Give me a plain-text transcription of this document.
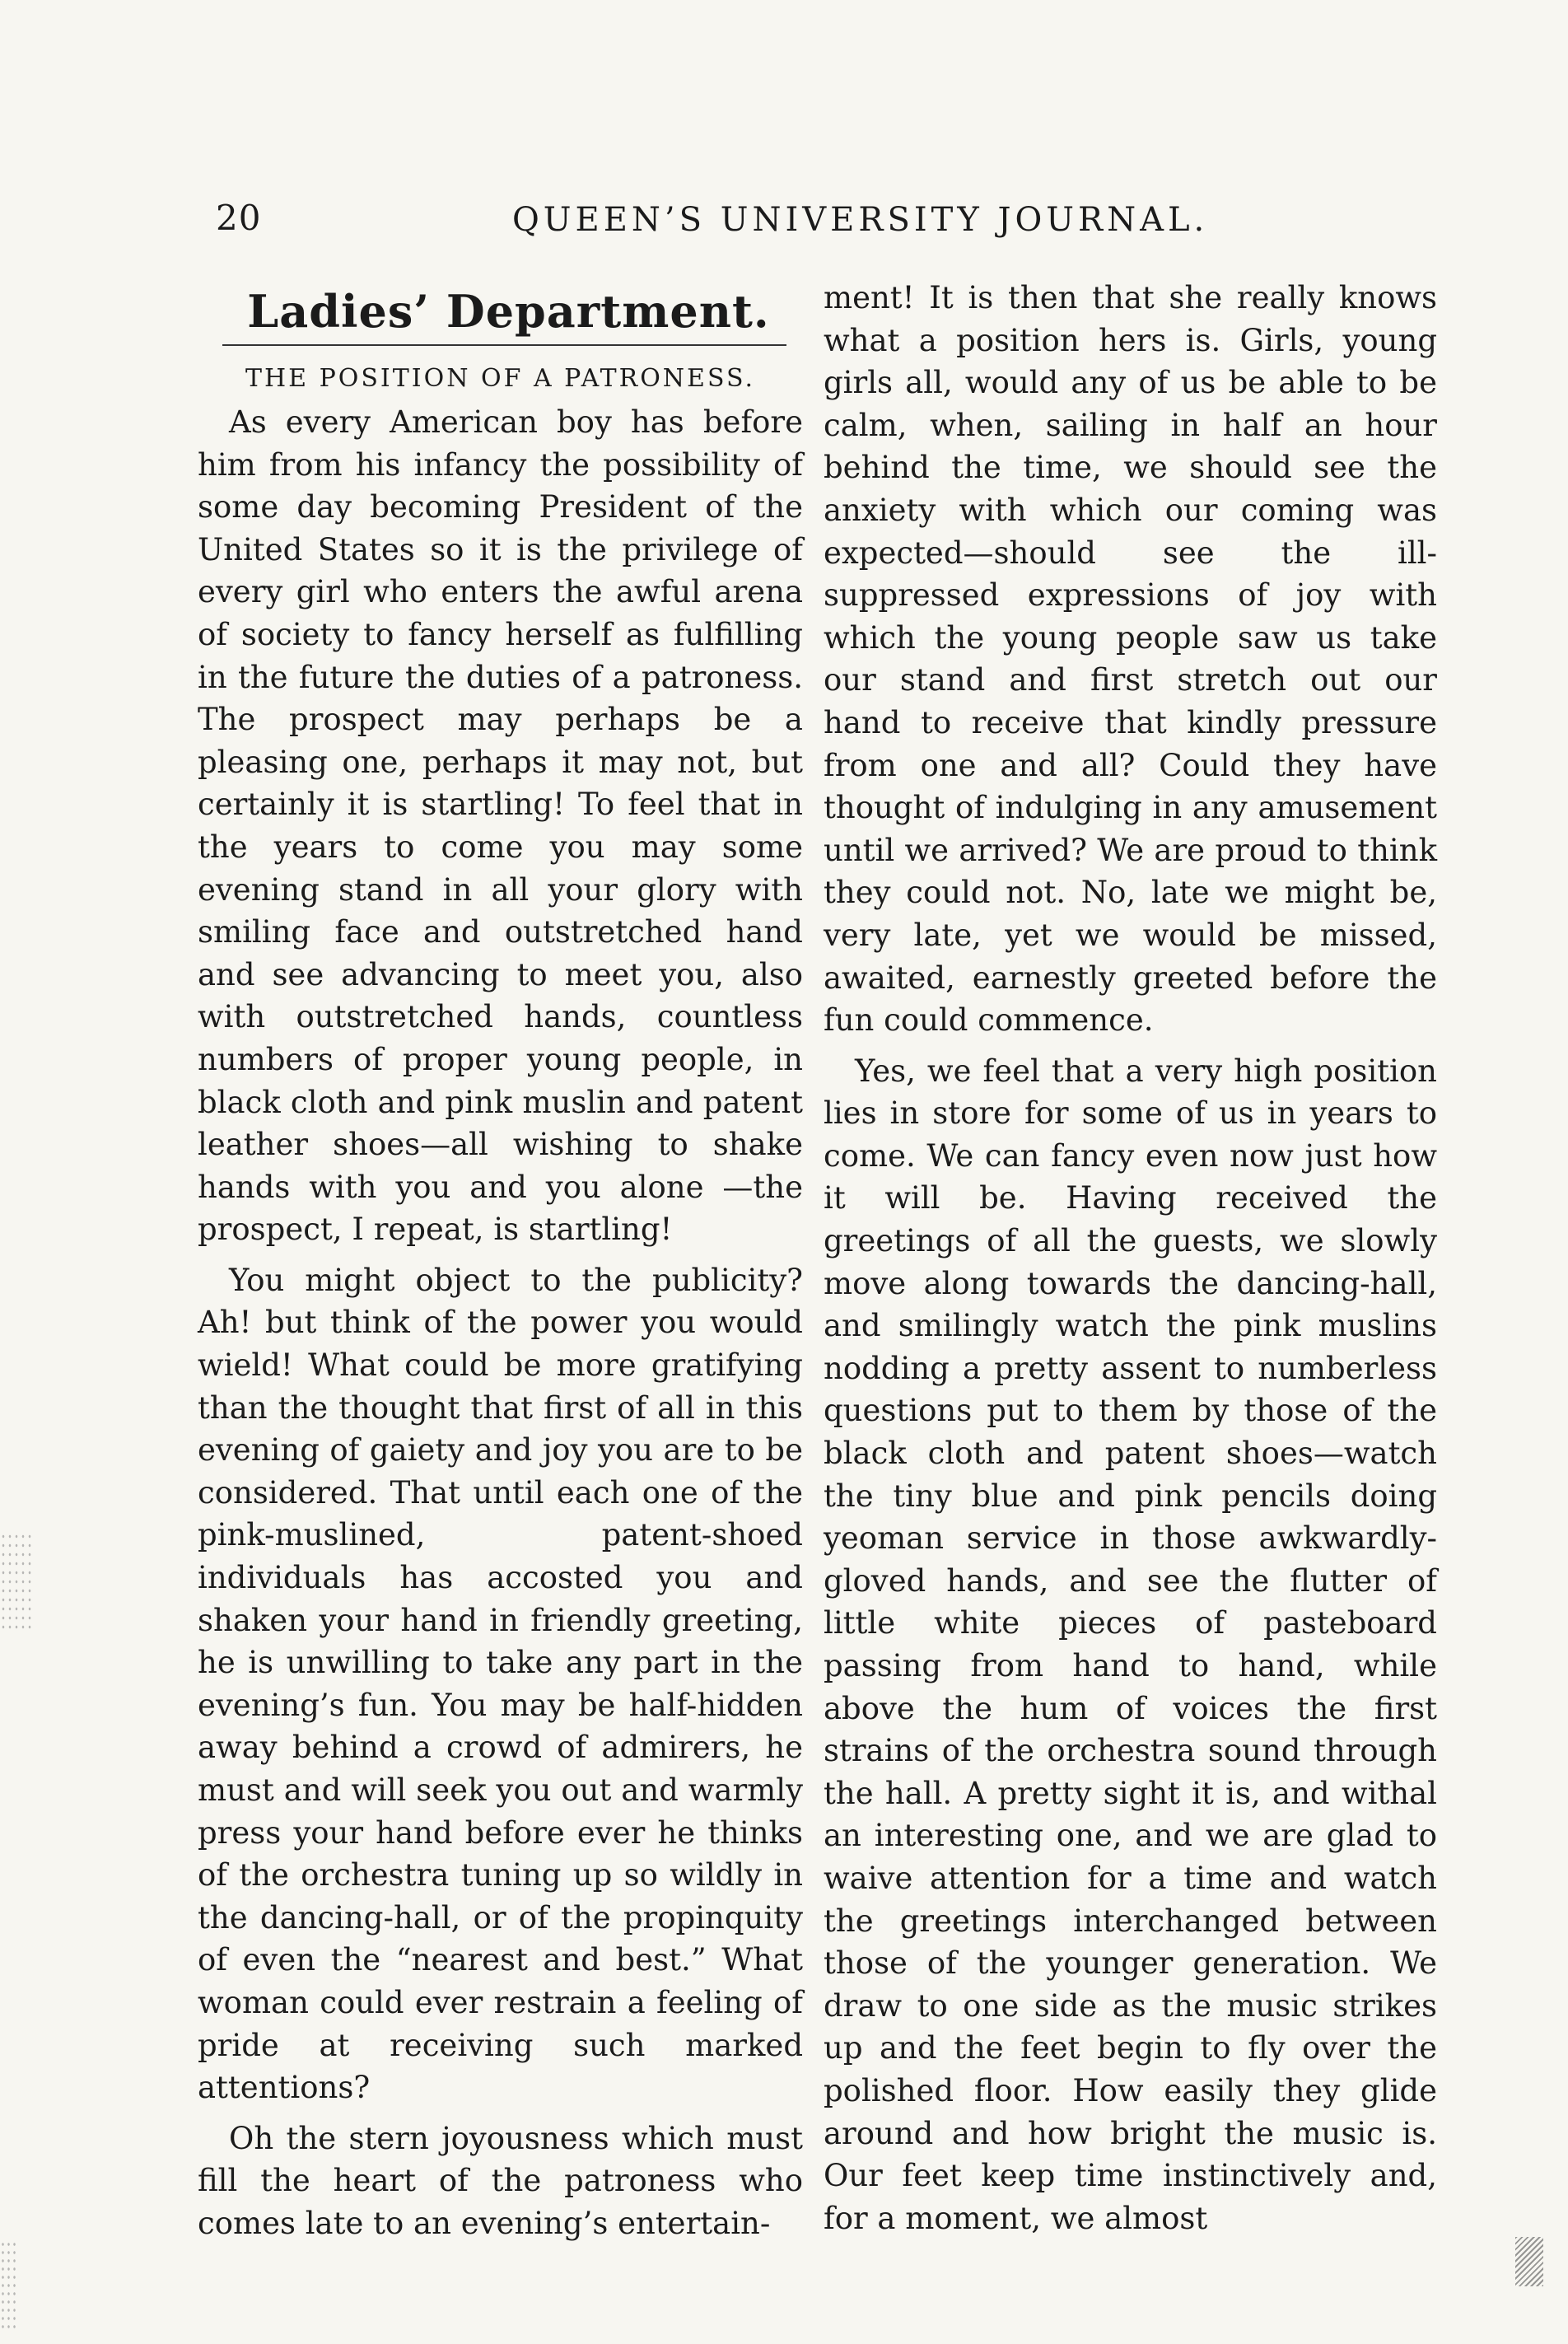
20	QUEEN’S UNIVERSITY JOURNAL.
Ladies’ Department.
THE POSITION OF A PATRONESS.

As every American boy has before him from his infancy the possibility of some day becoming President of the United States so it is the privilege of every girl who enters the awful arena of society to fancy herself as fulfilling in the future the duties of a patroness. The prospect may perhaps be a pleasing one, perhaps it may not, but certainly it is startling! To feel that in the years to come you may some evening stand in all your glory with smiling face and outstretched hand and see advancing to meet you, also with outstretched hands, countless numbers of proper young people, in black cloth and pink muslin and patent leather shoes—all wishing to shake hands with you and you alone —the prospect, I repeat, is startling!

You might object to the publicity? Ah! but think of the power you would wield! What could be more gratifying than the thought that first of all in this evening of gaiety and joy you are to be considered. That until each one of the pink-muslined, patent-shoed individuals has accosted you and shaken your hand in friendly greeting, he is unwilling to take any part in the evening’s fun. You may be half-hidden away behind a crowd of admirers, he must and will seek you out and warmly press your hand before ever he thinks of the orchestra tuning up so wildly in the dancing-hall, or of the propinquity of even the “nearest and best.” What woman could ever restrain a feeling of pride at receiving such marked attentions?

Oh the stern joyousness which must fill the heart of the patroness who comes late to an evening’s entertain-

ment! It is then that she really knows what a position hers is. Girls, young girls all, would any of us be able to be calm, when, sailing in half an hour behind the time, we should see the anxiety with which our coming was expected—should see the ill-suppressed expressions of joy with which the young people saw us take our stand and first stretch out our hand to receive that kindly pressure from one and all? Could they have thought of indulging in any amusement until we arrived? We are proud to think they could not. No, late we might be, very late, yet we would be missed, awaited, earnestly greeted before the fun could commence.

Yes, we feel that a very high position lies in store for some of us in years to come. We can fancy even now just how it will be. Having received the greetings of all the guests, we slowly move along towards the dancing-hall, and smilingly watch the pink muslins nodding a pretty assent to numberless questions put to them by those of the black cloth and patent shoes—watch the tiny blue and pink pencils doing yeoman service in those awkwardly-gloved hands, and see the flutter of little white pieces of pasteboard passing from hand to hand, while above the hum of voices the first strains of the orchestra sound through the hall. A pretty sight it is, and withal an interesting one, and we are glad to waive attention for a time and watch the greetings interchanged between those of the younger generation. We draw to one side as the music strikes up and the feet begin to fly over the polished floor. How easily they glide around and how bright the music is. Our feet keep time instinctively and, for a moment, we almost
